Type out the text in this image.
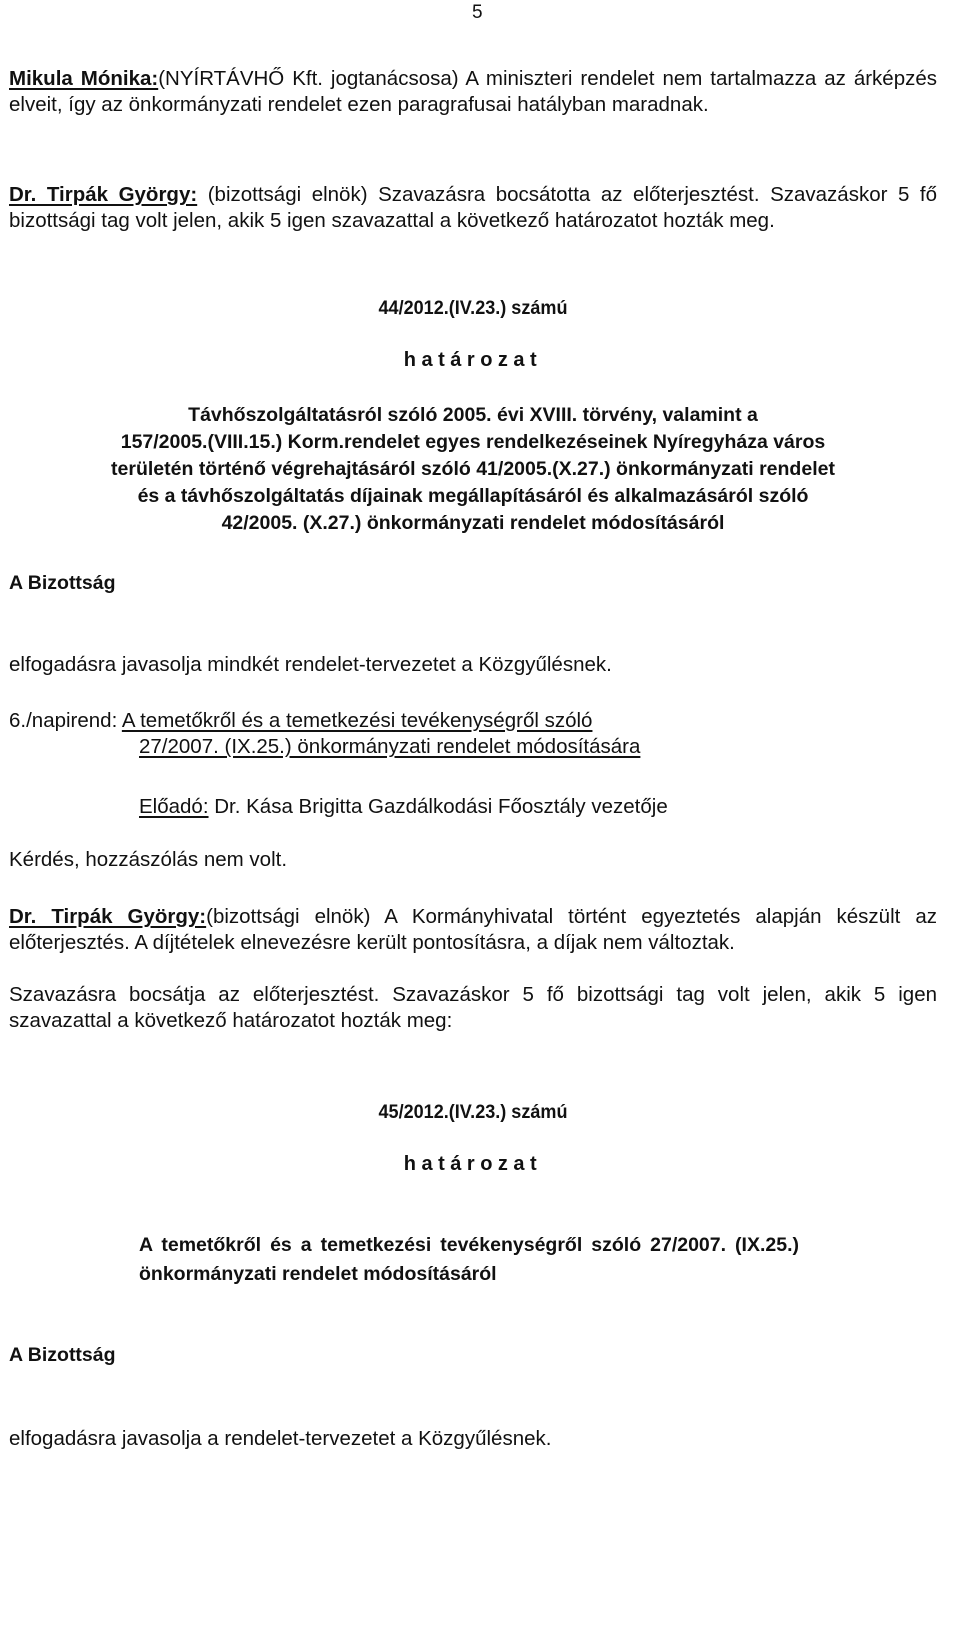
5
Mikula Mónika:(NYÍRTÁVHŐ Kft. jogtanácsosa) A miniszteri rendelet nem tartalmazza az árképzés elveit, így az önkormányzati rendelet ezen paragrafusai hatályban maradnak.
Dr. Tirpák György: (bizottsági elnök) Szavazásra bocsátotta az előterjesztést. Szavazáskor 5 fő bizottsági tag volt jelen, akik 5 igen szavazattal a következő határozatot hozták meg.
44/2012.(IV.23.) számú
határozat
Távhőszolgáltatásról szóló 2005. évi XVIII. törvény, valamint a
157/2005.(VIII.15.) Korm.rendelet egyes rendelkezéseinek Nyíregyháza város
területén történő végrehajtásáról szóló 41/2005.(X.27.) önkormányzati rendelet
és a távhőszolgáltatás díjainak megállapításáról és alkalmazásáról szóló
42/2005. (X.27.) önkormányzati rendelet módosításáról
A Bizottság
elfogadásra javasolja mindkét rendelet-tervezetet a Közgyűlésnek.
6./napirend: A temetőkről és a temetkezési tevékenységről szóló
27/2007. (IX.25.) önkormányzati rendelet módosítására
Előadó: Dr. Kása Brigitta Gazdálkodási Főosztály vezetője
Kérdés, hozzászólás nem volt.
Dr. Tirpák György:(bizottsági elnök) A Kormányhivatal történt egyeztetés alapján készült az előterjesztés. A díjtételek elnevezésre került pontosításra, a díjak nem változtak.
Szavazásra bocsátja az előterjesztést. Szavazáskor 5 fő bizottsági tag volt jelen, akik 5 igen szavazattal a következő határozatot hozták meg:
45/2012.(IV.23.) számú
határozat
A temetőkről és a temetkezési tevékenységről szóló 27/2007. (IX.25.) önkormányzati rendelet módosításáról
A Bizottság
elfogadásra javasolja a rendelet-tervezetet a Közgyűlésnek.
